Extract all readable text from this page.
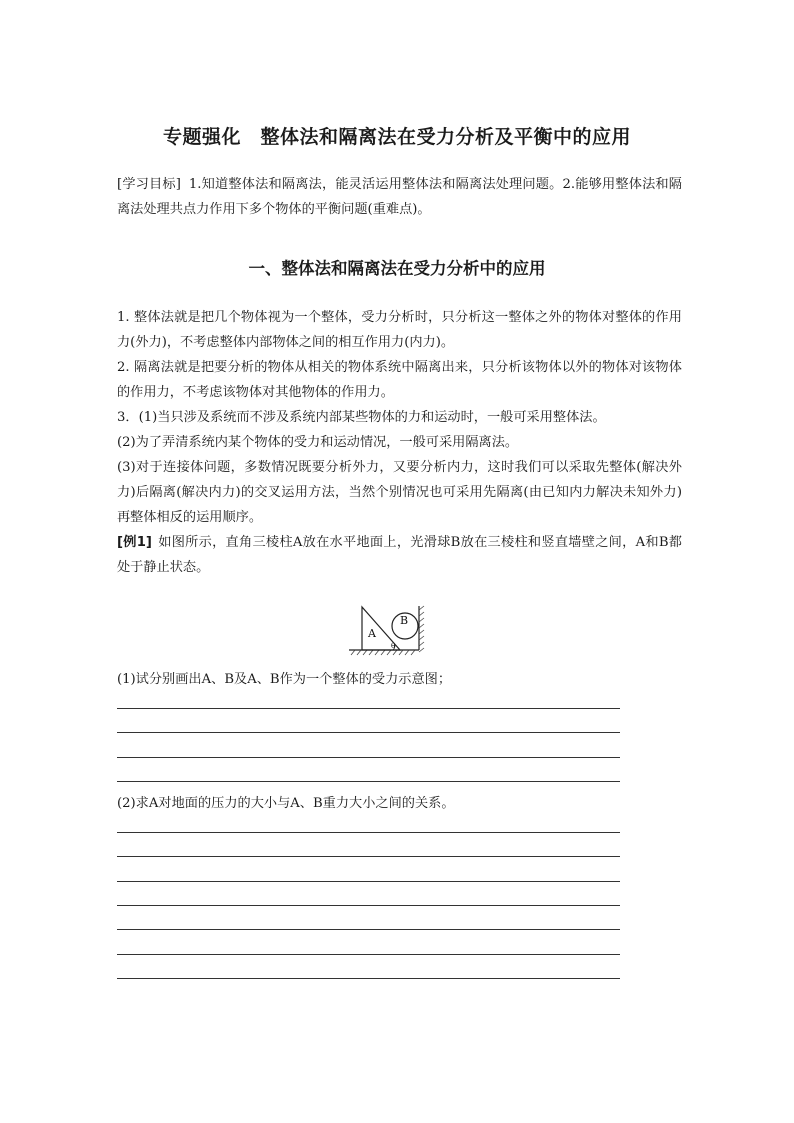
专题强化　整体法和隔离法在受力分析及平衡中的应用
[学习目标] 1.知道整体法和隔离法，能灵活运用整体法和隔离法处理问题。2.能够用整体法和隔离法处理共点力作用下多个物体的平衡问题(重难点)。
一、整体法和隔离法在受力分析中的应用

1. 整体法就是把几个物体视为一个整体，受力分析时，只分析这一整体之外的物体对整体的作用力(外力)，不考虑整体内部物体之间的相互作用力(内力)。

2. 隔离法就是把要分析的物体从相关的物体系统中隔离出来，只分析该物体以外的物体对该物体的作用力，不考虑该物体对其他物体的作用力。

3．(1)当只涉及系统而不涉及系统内部某些物体的力和运动时，一般可采用整体法。

(2)为了弄清系统内某个物体的受力和运动情况，一般可采用隔离法。

(3)对于连接体问题，多数情况既要分析外力，又要分析内力，这时我们可以采取先整体(解决外力)后隔离(解决内力)的交叉运用方法，当然个别情况也可采用先隔离(由已知内力解决未知外力)再整体相反的运用顺序。

[例1] 如图所示，直角三棱柱A放在水平地面上，光滑球B放在三棱柱和竖直墙壁之间，A和B都处于静止状态。

A
B
θ
(1)试分别画出A、B及A、B作为一个整体的受力示意图；
(2)求A对地面的压力的大小与A、B重力大小之间的关系。
